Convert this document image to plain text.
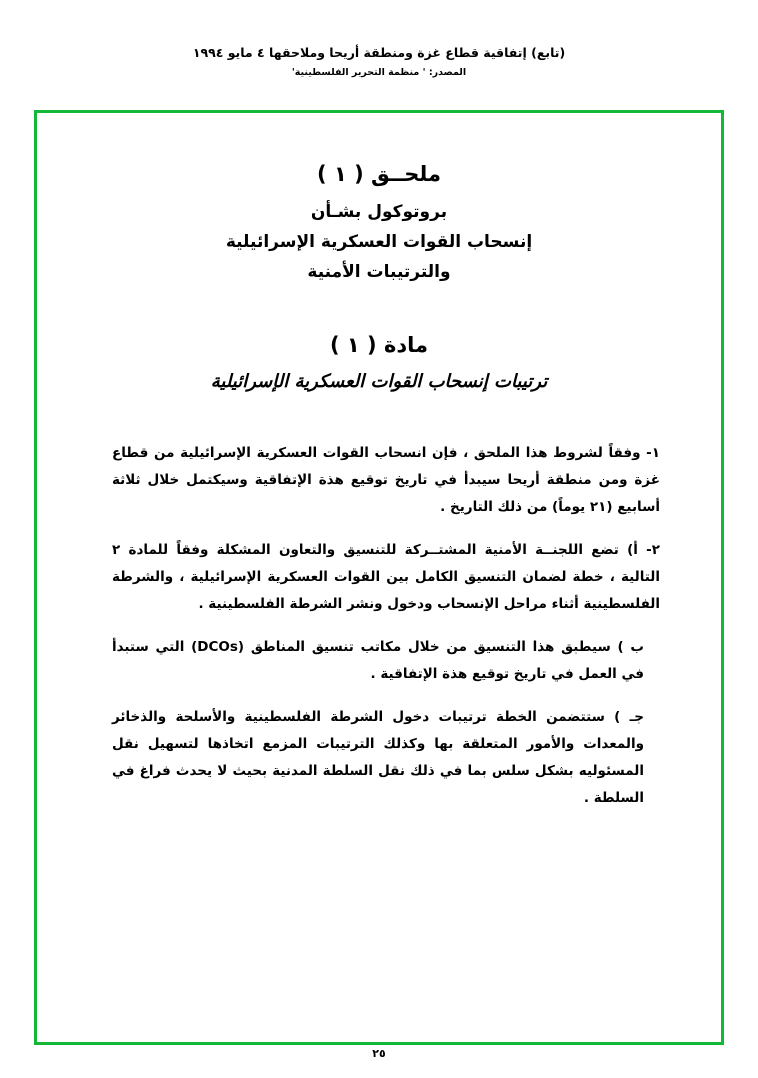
(تابع) إتفاقية قطاع غزة ومنطقة أريحا وملاحقها ٤ مايو ١٩٩٤
المصدر: ' منظمة التحرير الفلسطينية'
ملحــق ( ١ )
بروتوكول بشـأن
إنسحاب القوات العسكرية الإسرائيلية
والترتيبات الأمنية
مادة ( ١ )
ترتيبات إنسحاب القوات العسكرية الإسرائيلية

١- وفقاً لشروط هذا الملحق ، فإن انسحاب القوات العسكرية الإسرائيلية من قطاع غزة ومن منطقة أريحا سيبدأ في تاريخ توقيع هذة الإتفاقية وسيكتمل خلال ثلاثة أسابيع (٢١ يوماً) من ذلك التاريخ .

٢- أ) تضع اللجنــة الأمنية المشتــركة للتنسيق والتعاون المشكلة وفقاً للمادة ٢ التالية ، خطة لضمان التنسيق الكامل بين القوات العسكرية الإسرائيلية ، والشرطة الفلسطينية أثناء مراحل الإنسحاب ودخول ونشر الشرطة الفلسطينية .

ب ) سيطبق هذا التنسيق من خلال مكاتب تنسيق المناطق (DCOs) التي ستبدأ في العمل في تاريخ توقيع هذة الإتفاقية .

جـ ) ستتضمن الخطة ترتيبات دخول الشرطة الفلسطينية والأسلحة والذخائر والمعدات والأمور المتعلقة بها وكذلك الترتيبات المزمع اتخاذها لتسهيل نقل المسئوليه بشكل سلس بما في ذلك نقل السلطة المدنية بحيث لا يحدث فراغ في السلطة .

٢٥
